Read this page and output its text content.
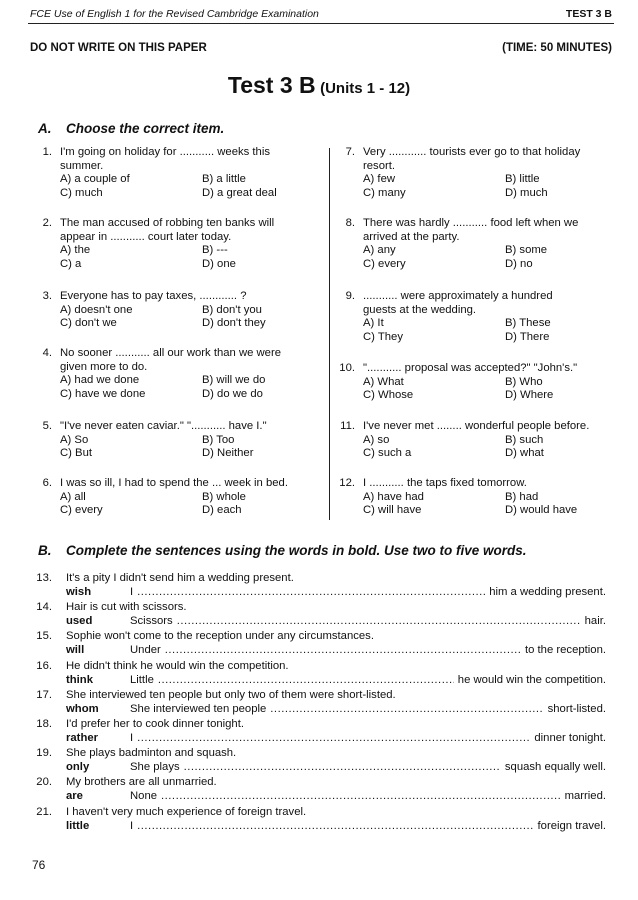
FCE Use of English 1 for the Revised Cambridge Examination	TEST 3 B
DO NOT WRITE ON THIS PAPER	(TIME: 50 MINUTES)
Test 3 B (Units 1 - 12)
A. Choose the correct item.
1. I'm going on holiday for ........... weeks this
summer.
A) a couple of	B) a little
C) much	D) a great deal
2. The man accused of robbing ten banks will
appear in ........... court later today.
A) the	B) ---
C) a	D) one
3. Everyone has to pay taxes, ............ ?
A) doesn't one	B) don't you
C) don't we	D) don't they
4. No sooner ........... all our work than we were
given more to do.
A) had we done	B) will we do
C) have we done	D) do we do
5. "I've never eaten caviar." "........... have I."
A) So	B) Too
C) But	D) Neither
6. I was so ill, I had to spend the ... week in bed.
A) all	B) whole
C) every	D) each
7. Very ............ tourists ever go to that holiday
resort.
A) few	B) little
C) many	D) much
8. There was hardly ........... food left when we
arrived at the party.
A) any	B) some
C) every	D) no
9. ........... were approximately a hundred
guests at the wedding.
A) It	B) These
C) They	D) There
10. "........... proposal was accepted?" "John's."
A) What	B) Who
C) Whose	D) Where
11. I've never met ........ wonderful people before.
A) so	B) such
C) such a	D) what
12. I ........... the taps fixed tomorrow.
A) have had	B) had
C) will have	D) would have
B. Complete the sentences using the words in bold. Use two to five words.
13. It's a pity I didn't send him a wedding present.
wish	I .....	him a wedding present.
14. Hair is cut with scissors.
used	Scissors .....	hair.
15. Sophie won't come to the reception under any circumstances.
will	Under .....	to the reception.
16. He didn't think he would win the competition.
think	Little .....	he would win the competition.
17. She interviewed ten people but only two of them were short-listed.
whom	She interviewed ten people .....	short-listed.
18. I'd prefer her to cook dinner tonight.
rather	I .....	dinner tonight.
19. She plays badminton and squash.
only	She plays .....	squash equally well.
20. My brothers are all unmarried.
are	None .....	married.
21. I haven't very much experience of foreign travel.
little	I .....	foreign travel.
76
